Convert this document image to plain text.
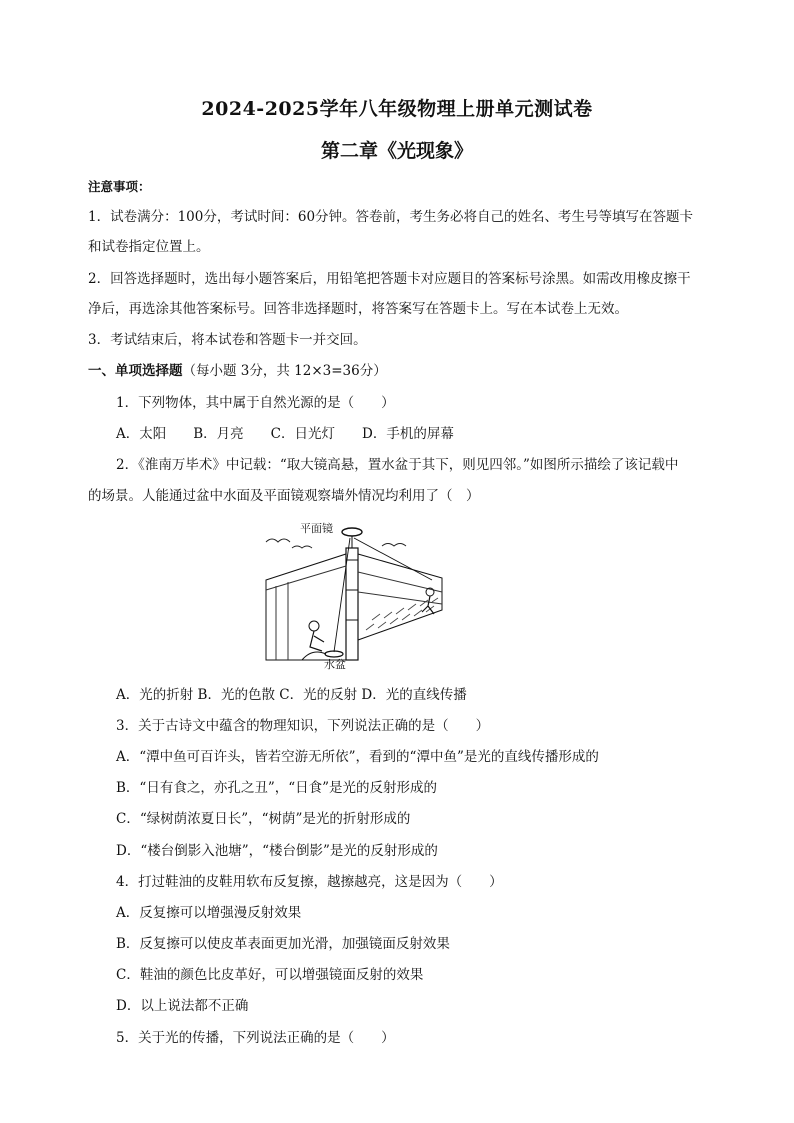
2024-2025学年八年级物理上册单元测试卷
第二章《光现象》
注意事项：
1．试卷满分：100分，考试时间：60分钟。答卷前，考生务必将自己的姓名、考生号等填写在答题卡
和试卷指定位置上。
2．回答选择题时，选出每小题答案后，用铅笔把答题卡对应题目的答案标号涂黑。如需改用橡皮擦干
净后，再选涂其他答案标号。回答非选择题时，将答案写在答题卡上。写在本试卷上无效。
3．考试结束后，将本试卷和答题卡一并交回。
一、单项选择题（每小题 3分，共 12×3=36分）
1．下列物体，其中属于自然光源的是（　　）
A．太阳　　B．月亮　　C．日光灯　　D．手机的屏幕
2．《淮南万毕术》中记载：“取大镜高悬，置水盆于其下，则见四邻。”如图所示描绘了该记载中
的场景。人能通过盆中水面及平面镜观察墙外情况均利用了（　）
平面镜
水盆
A．光的折射 B．光的色散 C．光的反射 D．光的直线传播
3．关于古诗文中蕴含的物理知识，下列说法正确的是（　　）
A．“潭中鱼可百许头，皆若空游无所依”，看到的“潭中鱼”是光的直线传播形成的
B．“日有食之，亦孔之丑”，“日食”是光的反射形成的
C．“绿树荫浓夏日长”，“树荫”是光的折射形成的
D．“楼台倒影入池塘”，“楼台倒影”是光的反射形成的
4．打过鞋油的皮鞋用软布反复擦，越擦越亮，这是因为（　　）
A．反复擦可以增强漫反射效果
B．反复擦可以使皮革表面更加光滑，加强镜面反射效果
C．鞋油的颜色比皮革好，可以增强镜面反射的效果
D．以上说法都不正确
5．关于光的传播，下列说法正确的是（　　）
